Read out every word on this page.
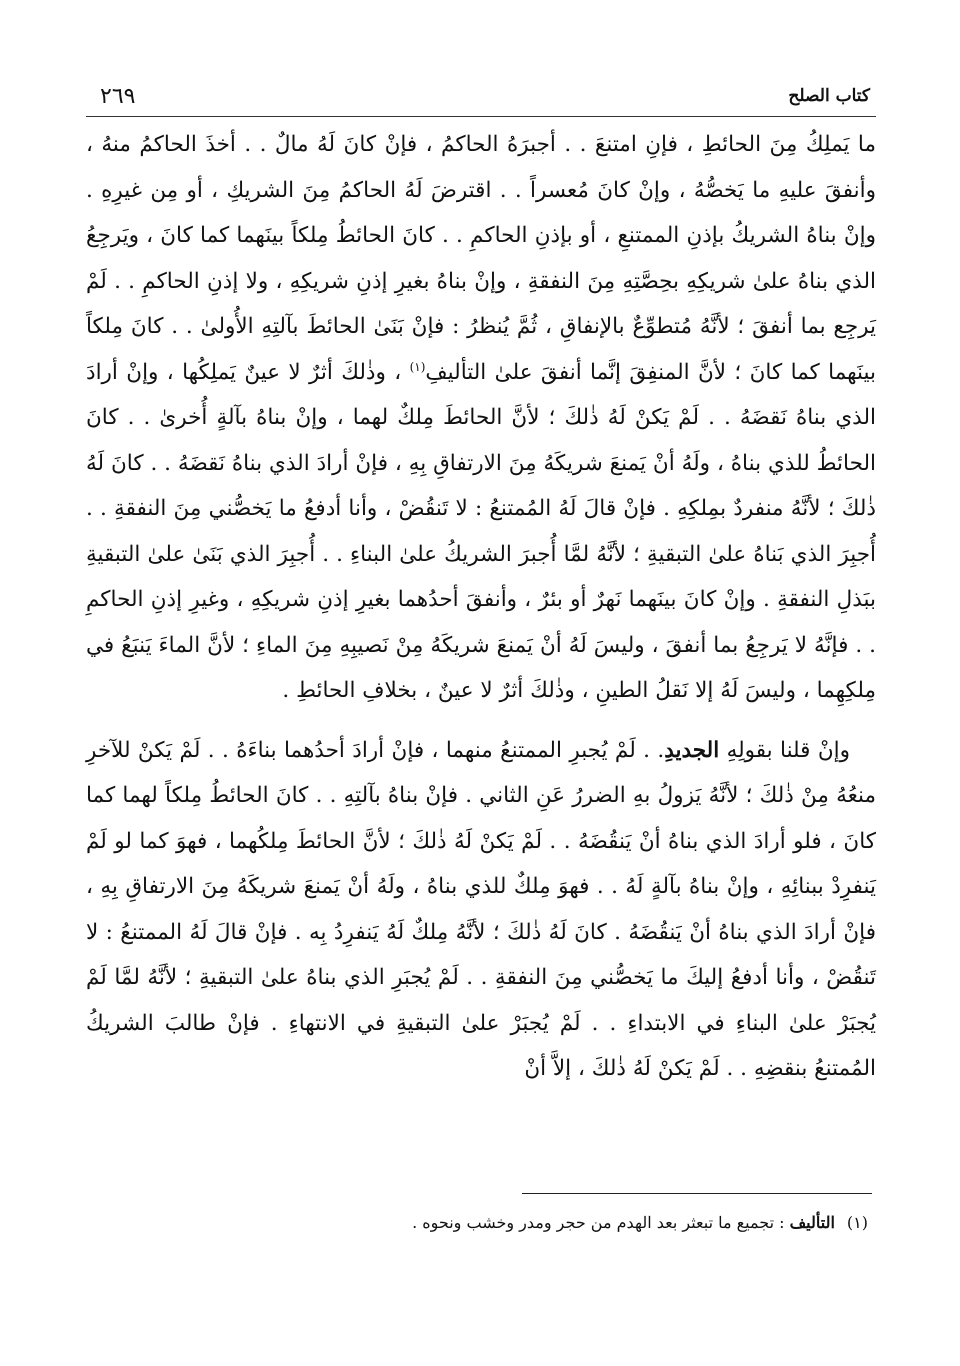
كتاب الصلح
٢٦٩

ما يَملِكُ مِنَ الحائطِ ، فإنِ امتنعَ . . أجبرَهُ الحاكمُ ، فإنْ كانَ لَهُ مالٌ . . أخذَ الحاكمُ منهُ ، وأنفقَ عليهِ ما يَخصُّهُ ، وإنْ كانَ مُعسراً . . اقترضَ لَهُ الحاكمُ مِنَ الشريكِ ، أو مِن غيرِهِ . وإنْ بناهُ الشريكُ بإذنِ الممتنعِ ، أو بإذنِ الحاكمِ . . كانَ الحائطُ مِلكاً بينَهما كما كانَ ، ويَرجِعُ الذي بناهُ علىٰ شريكِهِ بحِصَّتِهِ مِنَ النفقةِ ، وإنْ بناهُ بغيرِ إذنِ شريكِهِ ، ولا إذنِ الحاكمِ . . لَمْ يَرجِع بما أنفقَ ؛ لأنَّهُ مُتطوِّعٌ بالإنفاقِ ، ثُمَّ يُنظرُ : فإنْ بَنَىٰ الحائطَ بآلتِهِ الأُولىٰ . . كانَ مِلكاً بينَهما كما كانَ ؛ لأنَّ المنفِقَ إنَّما أنفقَ علىٰ التأليفِ$^{(١)}$ ، وذٰلكَ أثرٌ لا عينٌ يَملِكُها ، وإنْ أرادَ الذي بناهُ نَقضَهُ . . لَمْ يَكنْ لَهُ ذٰلكَ ؛ لأنَّ الحائطَ مِلكٌ لهما ، وإنْ بناهُ بآلةٍ أُخرىٰ . . كانَ الحائطُ للذي بناهُ ، ولَهُ أنْ يَمنعَ شريكَهُ مِنَ الارتفاقِ بِهِ ، فإنْ أرادَ الذي بناهُ نَقضَهُ . . كانَ لَهُ ذٰلكَ ؛ لأنَّهُ منفردٌ بمِلكِهِ . فإنْ قالَ لَهُ المُمتنعُ : لا تَنقُضْ ، وأنا أدفعُ ما يَخصُّني مِنَ النفقةِ . . أُجبِرَ الذي بَناهُ علىٰ التبقيةِ ؛ لأنَّهُ لمَّا أُجبرَ الشريكُ علىٰ البناءِ . . أُجبِرَ الذي بَنَىٰ علىٰ التبقيةِ ببَذلِ النفقةِ . وإنْ كانَ بينَهما نَهرٌ أو بئرٌ ، وأنفقَ أحدُهما بغيرِ إذنِ شريكِهِ ، وغيرِ إذنِ الحاكمِ . . فإنَّهُ لا يَرجِعُ بما أنفقَ ، وليسَ لَهُ أنْ يَمنعَ شريكَهُ مِنْ نَصيبِهِ مِنَ الماءِ ؛ لأنَّ الماءَ يَنبَعُ في مِلكِهِما ، وليسَ لَهُ إلا نَقلُ الطينِ ، وذٰلكَ أثرٌ لا عينٌ ، بخلافِ الحائطِ .

وإنْ قلنا بقولِهِ الجديدِ. . لَمْ يُجبرِ الممتنعُ منهما ، فإنْ أرادَ أحدُهما بناءَهُ . . لَمْ يَكنْ للآخرِ منعُهُ مِنْ ذٰلكَ ؛ لأنَّهُ يَزولُ بهِ الضررُ عَنِ الثاني . فإنْ بناهُ بآلتِهِ . . كانَ الحائطُ مِلكاً لهما كما كانَ ، فلو أرادَ الذي بناهُ أنْ يَنقُضَهُ . . لَمْ يَكنْ لَهُ ذٰلكَ ؛ لأنَّ الحائطَ مِلكُهما ، فهوَ كما لو لَمْ يَنفرِدْ ببنائِهِ ، وإنْ بناهُ بآلةٍ لَهُ . . فهوَ مِلكٌ للذي بناهُ ، ولَهُ أنْ يَمنعَ شريكَهُ مِنَ الارتفاقِ بِهِ ، فإنْ أرادَ الذي بناهُ أنْ يَنقُضَهُ . كانَ لَهُ ذٰلكَ ؛ لأنَّهُ مِلكٌ لَهُ يَنفرِدُ بِه . فإنْ قالَ لَهُ الممتنعُ : لا تَنقُضْ ، وأنا أدفعُ إليكَ ما يَخصُّني مِنَ النفقةِ . . لَمْ يُجبَرِ الذي بناهُ علىٰ التبقيةِ ؛ لأنَّهُ لمَّا لَمْ يُجبَرْ علىٰ البناءِ في الابتداءِ . . لَمْ يُجبَرْ علىٰ التبقيةِ في الانتهاءِ . فإنْ طالبَ الشريكُ المُمتنعُ بنقضِهِ . . لَمْ يَكنْ لَهُ ذٰلكَ ، إلاَّ أنْ

(١)التأليف : تجميع ما تبعثر بعد الهدم من حجر ومدر وخشب ونحوه .
